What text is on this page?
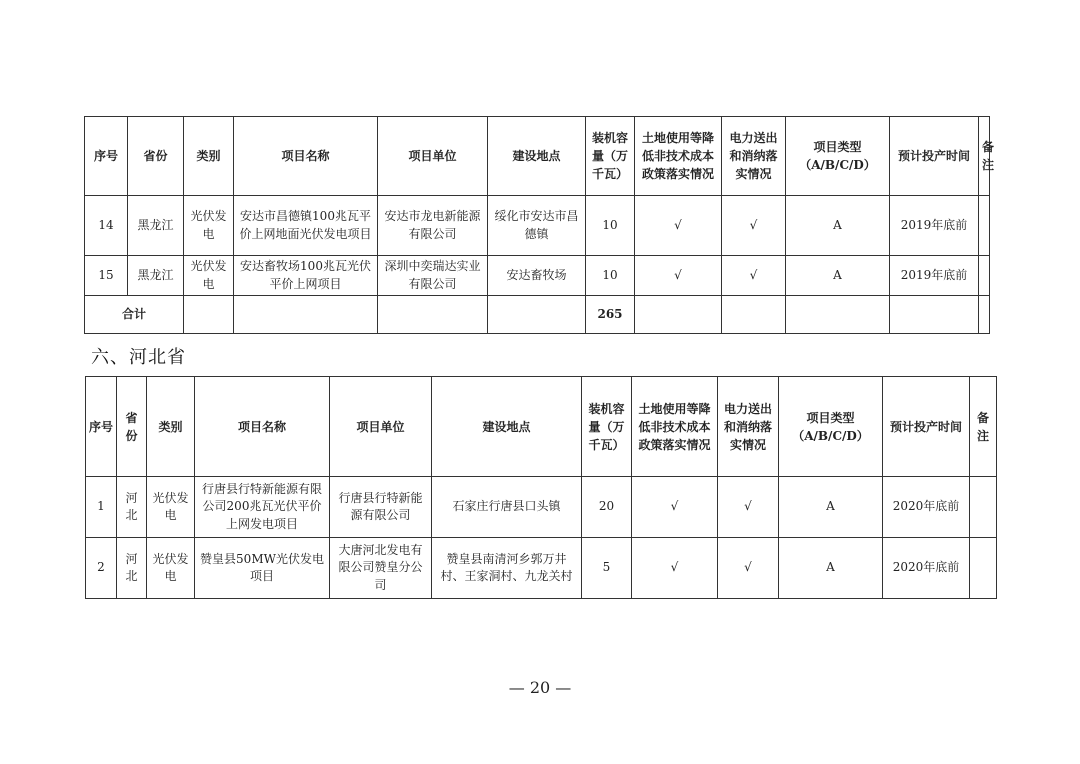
序号	省份	类别	项目名称	项目单位	建设地点	装机容量（万千瓦）	土地使用等降低非技术成本政策落实情况	电力送出和消纳落实情况	项目类型（A/B/C/D）	预计投产时间	备注
14	黑龙江	光伏发电	安达市昌德镇100兆瓦平价上网地面光伏发电项目	安达市龙电新能源有限公司	绥化市安达市昌德镇	10	√	√	A	2019年底前	
15	黑龙江	光伏发电	安达畜牧场100兆瓦光伏平价上网项目	深圳中奕瑞达实业有限公司	安达畜牧场	10	√	√	A	2019年底前	
合计						265					
六、河北省
序号	省份	类别	项目名称	项目单位	建设地点	装机容量（万千瓦）	土地使用等降低非技术成本政策落实情况	电力送出和消纳落实情况	项目类型（A/B/C/D）	预计投产时间	备注
1	河北	光伏发电	行唐县行特新能源有限公司200兆瓦光伏平价上网发电项目	行唐县行特新能源有限公司	石家庄行唐县口头镇	20	√	√	A	2020年底前	
2	河北	光伏发电	赞皇县50MW光伏发电项目	大唐河北发电有限公司赞皇分公司	赞皇县南清河乡郭万井村、王家洞村、九龙关村	5	√	√	A	2020年底前	
— 20 —
